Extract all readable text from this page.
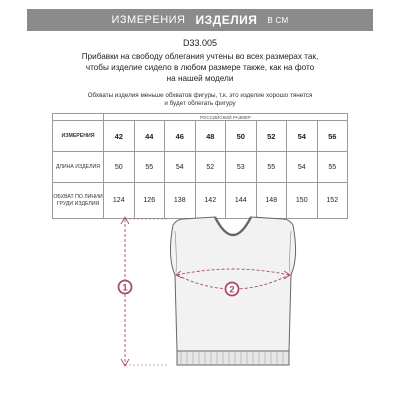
ИЗМЕРЕНИЯ ИЗДЕЛИЯ В СМ
D33.005
Прибавки на свободу облегания учтены во всех размерах так,
чтобы изделие сидело в любом размере также, как на фото
на нашей модели
Обхваты изделия меньше обхватов фигуры, т.к. это изделие хорошо тянется
и будет облегать фигуру
	РОССИЙСКИЙ РАЗМЕР							
ИЗМЕРЕНИЯ	42	44	46	48	50	52	54	56
ДЛИНА ИЗДЕЛИЯ	50	55	54	52	53	55	54	55
ОБХВАТ ПО ЛИНИИ ГРУДИ ИЗДЕЛИЯ	124	126	138	142	144	148	150	152
1	2
